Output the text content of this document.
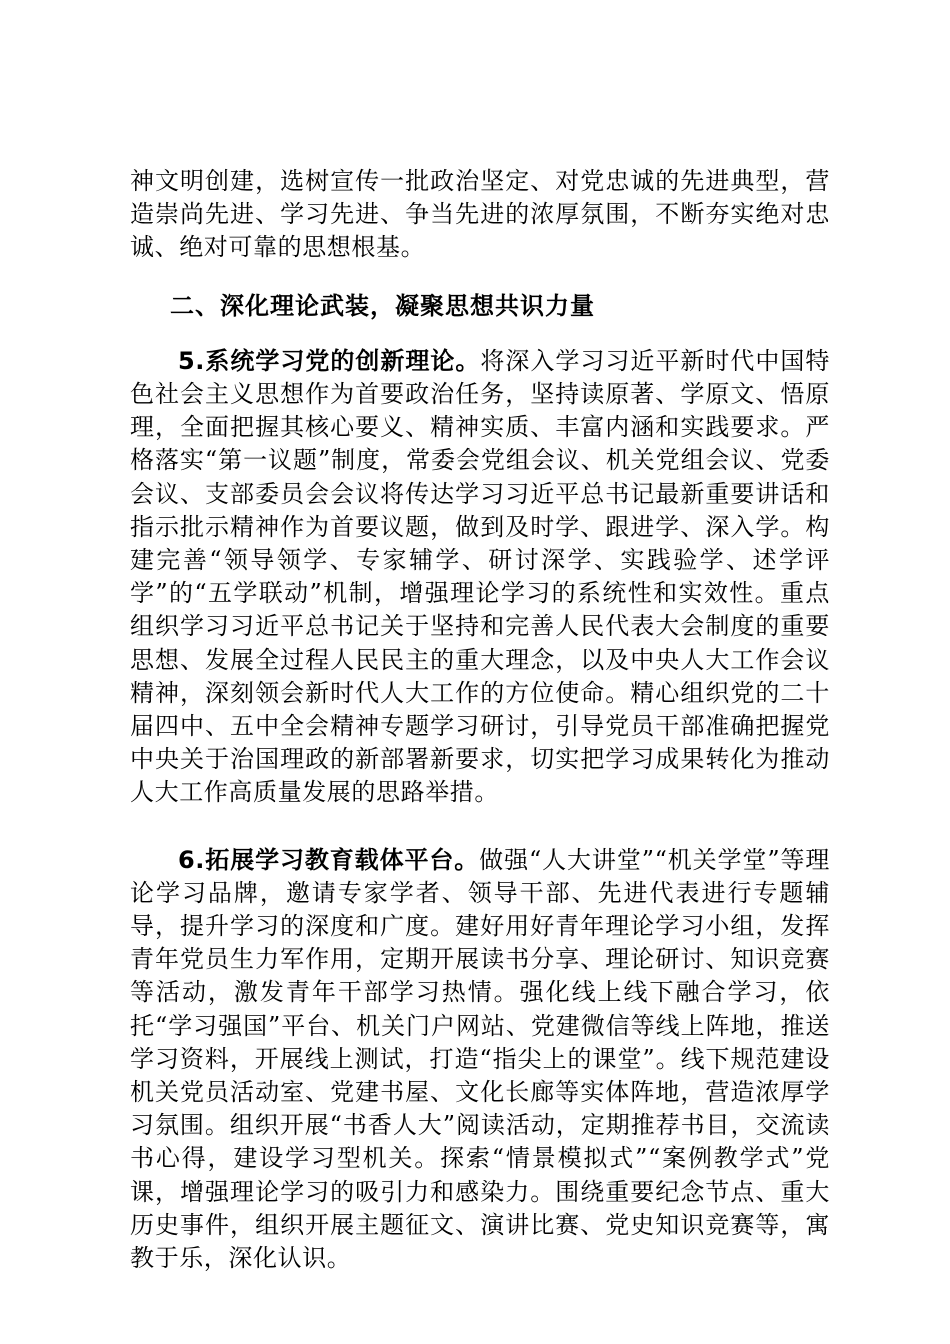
神文明创建，选树宣传一批政治坚定、对党忠诚的先进典型，营造崇尚先进、学习先进、争当先进的浓厚氛围，不断夯实绝对忠诚、绝对可靠的思想根基。

二、深化理论武装，凝聚思想共识力量

5.系统学习党的创新理论。将深入学习习近平新时代中国特色社会主义思想作为首要政治任务，坚持读原著、学原文、悟原理，全面把握其核心要义、精神实质、丰富内涵和实践要求。严格落实“第一议题”制度，常委会党组会议、机关党组会议、党委会议、支部委员会会议将传达学习习近平总书记最新重要讲话和指示批示精神作为首要议题，做到及时学、跟进学、深入学。构建完善“领导领学、专家辅学、研讨深学、实践验学、述学评学”的“五学联动”机制，增强理论学习的系统性和实效性。重点组织学习习近平总书记关于坚持和完善人民代表大会制度的重要思想、发展全过程人民民主的重大理念，以及中央人大工作会议精神，深刻领会新时代人大工作的方位使命。精心组织党的二十届四中、五中全会精神专题学习研讨，引导党员干部准确把握党中央关于治国理政的新部署新要求，切实把学习成果转化为推动人大工作高质量发展的思路举措。

6.拓展学习教育载体平台。做强“人大讲堂”“机关学堂”等理论学习品牌，邀请专家学者、领导干部、先进代表进行专题辅导，提升学习的深度和广度。建好用好青年理论学习小组，发挥青年党员生力军作用，定期开展读书分享、理论研讨、知识竞赛等活动，激发青年干部学习热情。强化线上线下融合学习，依托“学习强国”平台、机关门户网站、党建微信等线上阵地，推送学习资料，开展线上测试，打造“指尖上的课堂”。线下规范建设机关党员活动室、党建书屋、文化长廊等实体阵地，营造浓厚学习氛围。组织开展“书香人大”阅读活动，定期推荐书目，交流读书心得，建设学习型机关。探索“情景模拟式”“案例教学式”党课，增强理论学习的吸引力和感染力。围绕重要纪念节点、重大历史事件，组织开展主题征文、演讲比赛、党史知识竞赛等，寓教于乐，深化认识。
